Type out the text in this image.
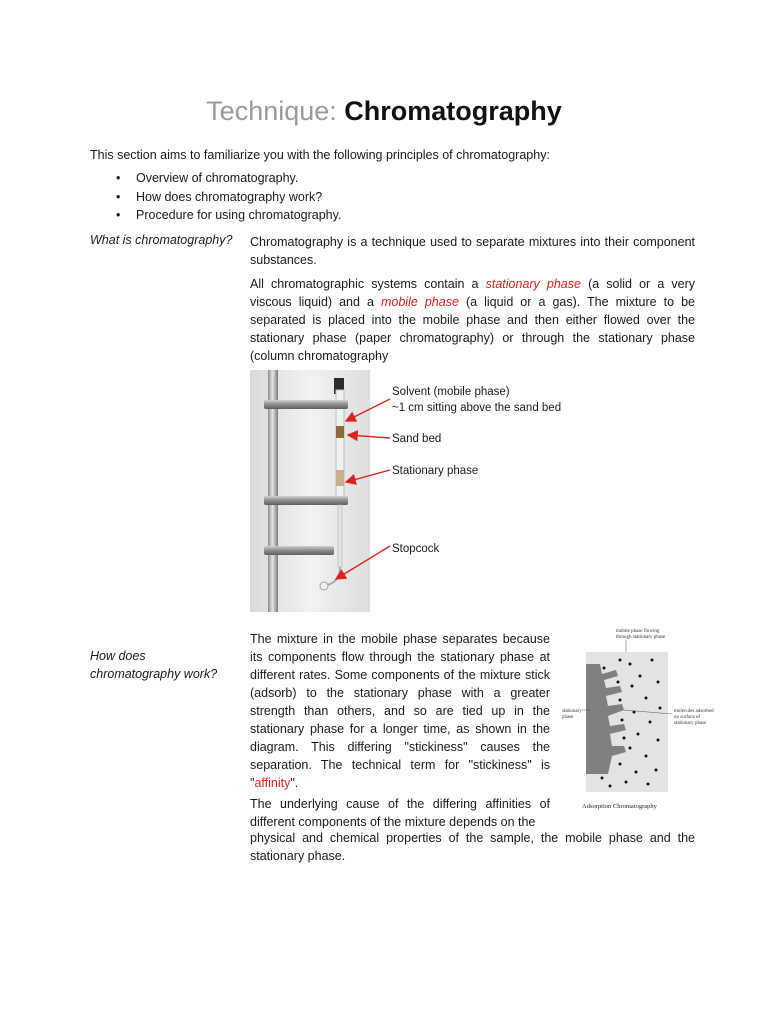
Technique: Chromatography
This section aims to familiarize you with the following principles of chromatography:
• Overview of chromatography.
• How does chromatography work?
• Procedure for using chromatography.
What is chromatography? Chromatography is a technique used to separate mixtures into their component substances.
All chromatographic systems contain a stationary phase (a solid or a very viscous liquid) and a mobile phase (a liquid or a gas). The mixture to be separated is placed into the mobile phase and then either flowed over the stationary phase (paper chromatography) or through the stationary phase (column chromatography
Solvent (mobile phase)
~1 cm sitting above the sand bed
Sand bed
Stationary phase
Stopcock
How does
chromatography work?
The mixture in the mobile phase separates because its components flow through the stationary phase at different rates. Some components of the mixture stick (adsorb) to the stationary phase with a greater strength than others, and so are tied up in the stationary phase for a longer time, as shown in the diagram. This differing "stickiness" causes the separation. The technical term for "stickiness" is "affinity".
The underlying cause of the differing affinities of different components of the mixture depends on the
physical and chemical properties of the sample, the mobile phase and the stationary phase.
mobile phase flowing
through stationary phase
stationary
phase
molecules adsorbed
on surface of
stationary phase
Adsorption Chromatography
